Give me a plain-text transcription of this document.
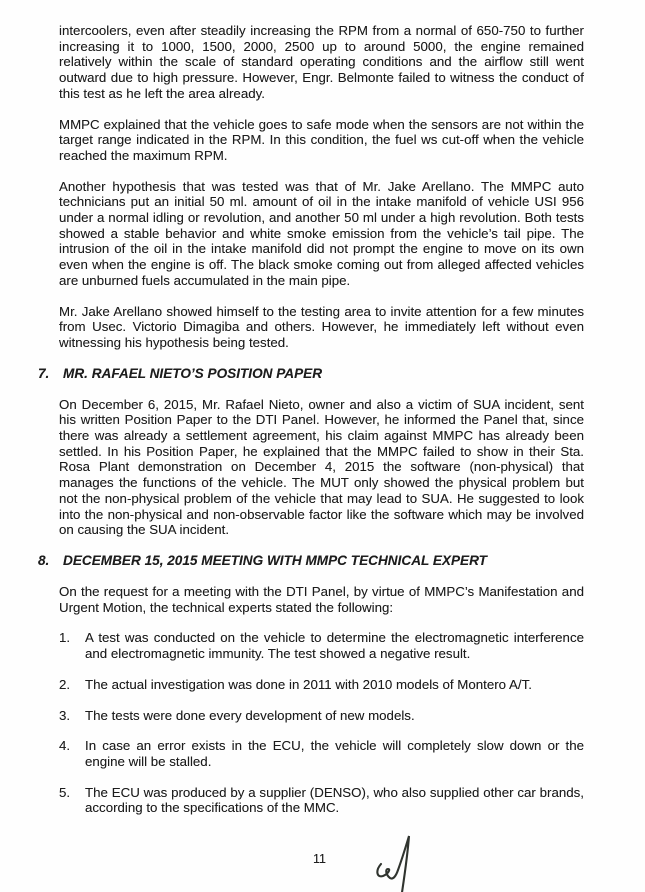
intercoolers, even after steadily increasing the RPM from a normal of 650-750 to further increasing it to 1000, 1500, 2000, 2500 up to around 5000, the engine remained relatively within the scale of standard operating conditions and the airflow still went outward due to high pressure. However, Engr. Belmonte failed to witness the conduct of this test as he left the area already.

MMPC explained that the vehicle goes to safe mode when the sensors are not within the target range indicated in the RPM. In this condition, the fuel ws cut-off when the vehicle reached the maximum RPM.

Another hypothesis that was tested was that of Mr. Jake Arellano. The MMPC auto technicians put an initial 50 ml. amount of oil in the intake manifold of vehicle USI 956 under a normal idling or revolution, and another 50 ml under a high revolution. Both tests showed a stable behavior and white smoke emission from the vehicle’s tail pipe. The intrusion of the oil in the intake manifold did not prompt the engine to move on its own even when the engine is off. The black smoke coming out from alleged affected vehicles are unburned fuels accumulated in the main pipe.

Mr. Jake Arellano showed himself to the testing area to invite attention for a few minutes from Usec. Victorio Dimagiba and others. However, he immediately left without even witnessing his hypothesis being tested.

7.	MR. RAFAEL NIETO’S POSITION PAPER

On December 6, 2015, Mr. Rafael Nieto, owner and also a victim of SUA incident, sent his written Position Paper to the DTI Panel. However, he informed the Panel that, since there was already a settlement agreement, his claim against MMPC has already been settled. In his Position Paper, he explained that the MMPC failed to show in their Sta. Rosa Plant demonstration on December 4, 2015 the software (non-physical) that manages the functions of the vehicle. The MUT only showed the physical problem but not the non-physical problem of the vehicle that may lead to SUA. He suggested to look into the non-physical and non-observable factor like the software which may be involved on causing the SUA incident.

8.	DECEMBER 15, 2015 MEETING WITH MMPC TECHNICAL EXPERT

On the request for a meeting with the DTI Panel, by virtue of MMPC’s Manifestation and Urgent Motion, the technical experts stated the following:

1.	A test was conducted on the vehicle to determine the electromagnetic interference and electromagnetic immunity. The test showed a negative result.
2.	The actual investigation was done in 2011 with 2010 models of Montero A/T.
3.	The tests were done every development of new models.
4.	In case an error exists in the ECU, the vehicle will completely slow down or the engine will be stalled.
5.	The ECU was produced by a supplier (DENSO), who also supplied other car brands, according to the specifications of the MMC.
11
